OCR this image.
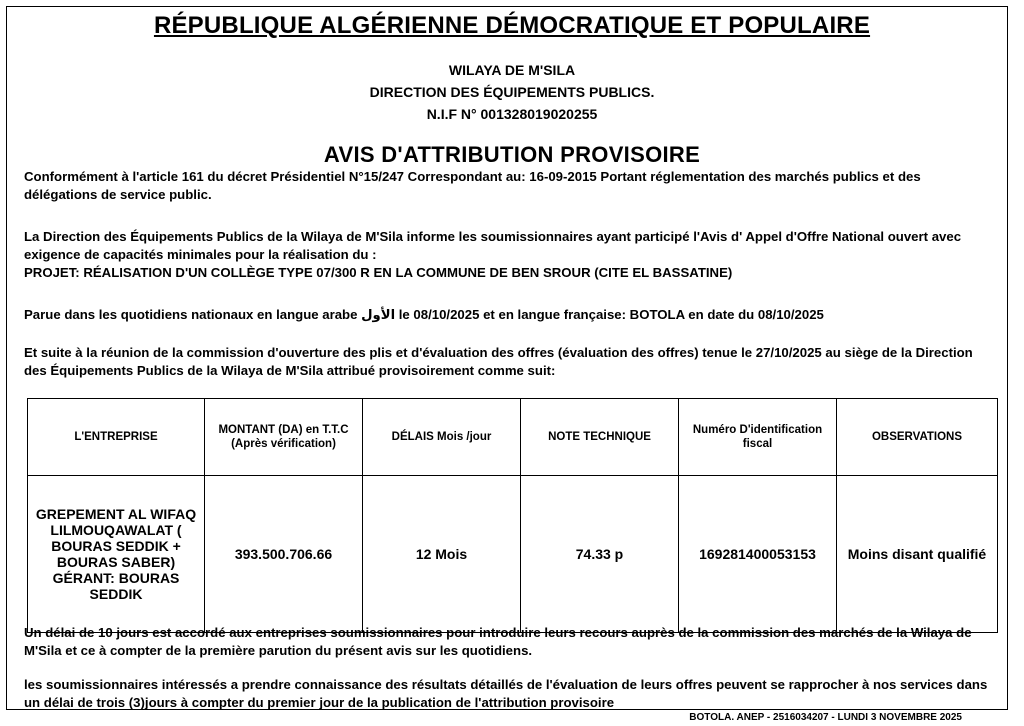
RÉPUBLIQUE ALGÉRIENNE DÉMOCRATIQUE ET POPULAIRE
WILAYA DE M'SILA
DIRECTION DES ÉQUIPEMENTS PUBLICS.
N.I.F N° 001328019020255
AVIS D'ATTRIBUTION PROVISOIRE
Conformément à l'article 161 du décret Présidentiel N°15/247 Correspondant au: 16-09-2015 Portant réglementation des marchés publics et des délégations de service public.
La Direction des Équipements Publics de la Wilaya de M'Sila informe les soumissionnaires ayant participé l'Avis d' Appel d'Offre National ouvert avec exigence de capacités minimales pour la réalisation du :
PROJET: RÉALISATION D'UN COLLÈGE TYPE 07/300 R EN LA COMMUNE DE BEN SROUR (CITE EL BASSATINE)
Parue dans les quotidiens nationaux en langue arabe الأول le 08/10/2025 et en langue française: BOTOLA en date du 08/10/2025
Et suite à la réunion de la commission d'ouverture des plis et d'évaluation des offres (évaluation des offres) tenue le 27/10/2025 au siège de la Direction des Équipements Publics de la Wilaya de M'Sila attribué provisoirement comme suit:
L'ENTREPRISE	MONTANT (DA) en T.T.C (Après vérification)	DÉLAIS Mois /jour	NOTE TECHNIQUE	Numéro D'identification fiscal	OBSERVATIONS
GREPEMENT AL WIFAQ LILMOUQAWALAT ( BOURAS SEDDIK + BOURAS SABER) GÉRANT: BOURAS SEDDIK	393.500.706.66	12 Mois	74.33 p	169281400053153	Moins disant qualifié
Un délai de 10 jours est accordé aux entreprises soumissionnaires pour introduire leurs recours auprès de la commission des marchés de la Wilaya de M'Sila et ce à compter de la première parution du présent avis sur les quotidiens.
les soumissionnaires intéressés a prendre connaissance des résultats détaillés de l'évaluation de leurs offres peuvent se rapprocher à nos services dans un délai de trois (3)jours à compter du premier jour de la publication de l'attribution provisoire
BOTOLA. ANEP - 2516034207 - LUNDI 3 NOVEMBRE 2025
